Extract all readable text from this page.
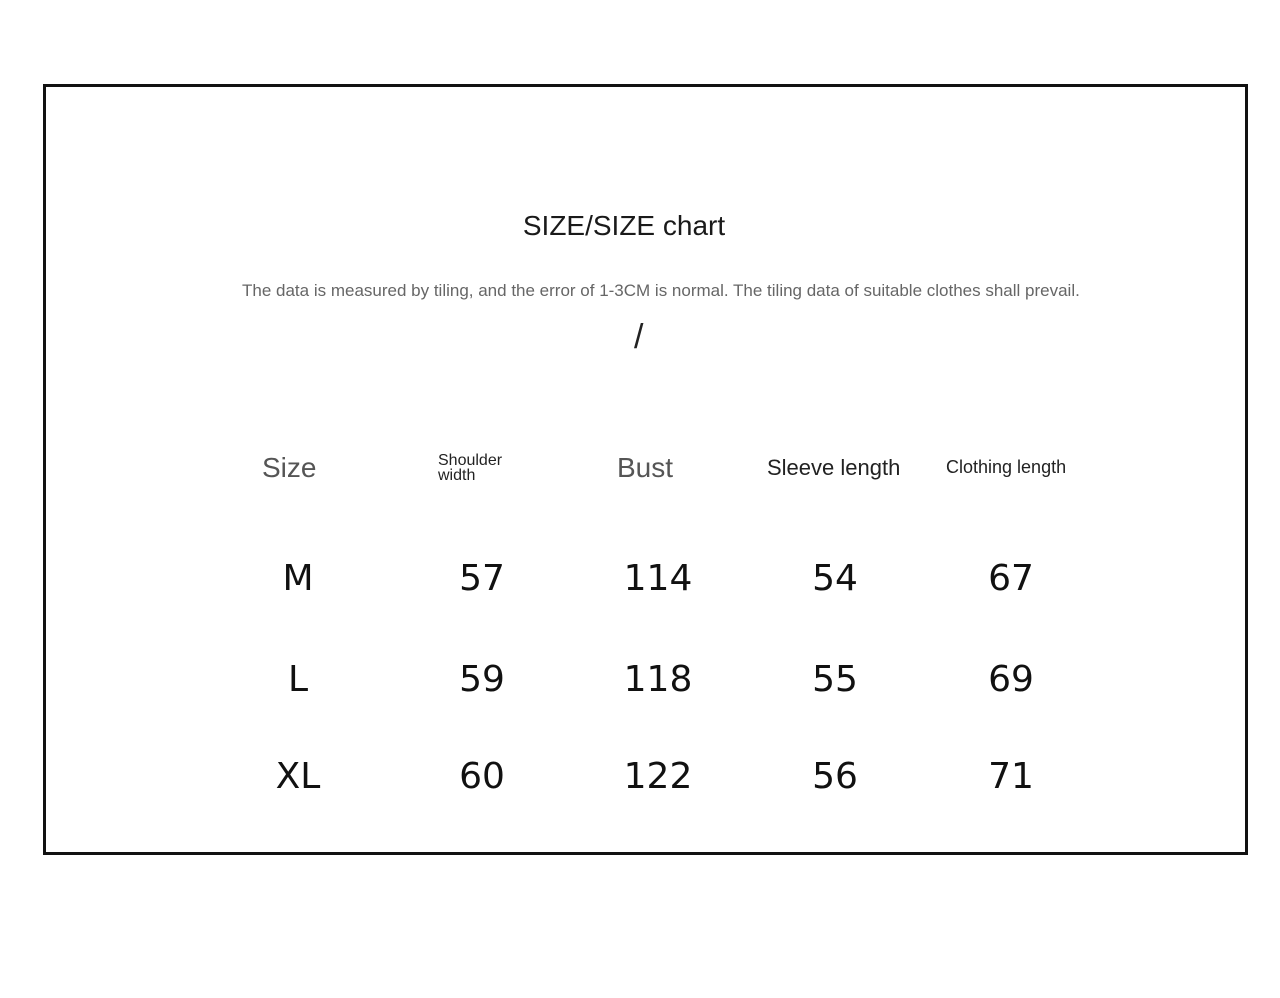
SIZE/SIZE chart
The data is measured by tiling, and the error of 1-3CM is normal. The tiling data of suitable clothes shall prevail.
/
Size	Shoulder width	Bust	Sleeve length	Clothing length
M	57	114	54	67
L	59	118	55	69
XL	60	122	56	71
